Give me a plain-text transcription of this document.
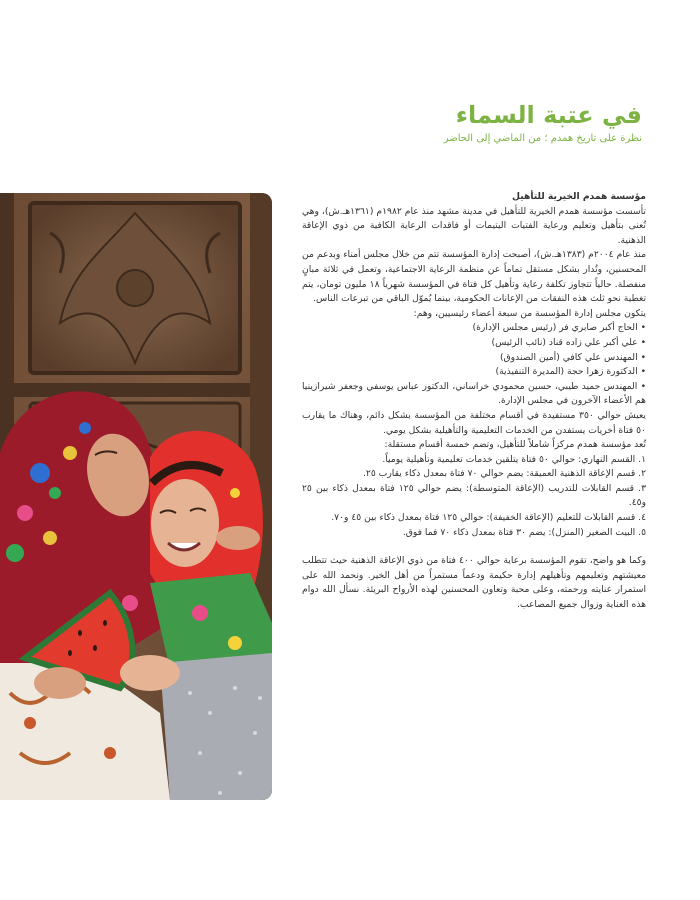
في عتبة السماء
نظرة على تاريخ همدم ؛ من الماضي إلى الحاضر

مؤسسة همدم الخيرية للتأهيل

تأسست مؤسسة همدم الخيرية للتأهيل في مدينة مشهد منذ عام ١٩٨٢م (١٣٦١هـ.ش)، وهي تُعنى بتأهيل وتعليم ورعاية الفتيات اليتيمات أو فاقدات الرعاية الكافية من ذوي الإعاقة الذهنية.

منذ عام ٢٠٠٤م (١٣٨٣هـ.ش)، أصبحت إدارة المؤسسة تتم من خلال مجلس أمناء وبدعم من المحسنين، وتُدار بشكل مستقل تماماً عن منظمة الرعاية الاجتماعية، وتعمل في ثلاثة مبانٍ منفصلة. حالياً تتجاوز تكلفة رعاية وتأهيل كل فتاة في المؤسسة شهرياً ١٨ مليون تومان، يتم تغطية نحو ثلث هذه النفقات من الإعانات الحكومية، بينما يُموّل الباقي من تبرعات الناس.

يتكون مجلس إدارة المؤسسة من سبعة أعضاء رئيسيين، وهم:

• الحاج أكبر صابري فر (رئيس مجلس الإدارة)
• علي أكبر علي زاده قناد (نائب الرئيس)
• المهندس علي كافي (أمين الصندوق)
• الدكتورة زهرا حجة (المديرة التنفيذية)
• المهندس حميد طيبي، حسين محمودي خراساني، الدكتور عباس يوسفي وجعفر شيرازينيا هم الأعضاء الآخرون في مجلس الإدارة.

يعيش حوالي ٣٥٠ مستفيدة في أقسام مختلفة من المؤسسة بشكل دائم، وهناك ما يقارب ٥٠ فتاة أخريات يستفدن من الخدمات التعليمية والتأهيلية بشكل يومي.

تُعد مؤسسة همدم مركزاً شاملاً للتأهيل، وتضم خمسة أقسام مستقلة:

١. القسم النهاري: حوالي ٥٠ فتاة يتلقين خدمات تعليمية وتأهيلية يومياً.
٢. قسم الإعاقة الذهنية العميقة: يضم حوالي ٧٠ فتاة بمعدل ذكاء يقارب ٢٥.
٣. قسم القابلات للتدريب (الإعاقة المتوسطة): يضم حوالي ١٢٥ فتاة بمعدل ذكاء بين ٢٥ و٤٥.
٤. قسم القابلات للتعليم (الإعاقة الخفيفة): حوالي ١٢٥ فتاة بمعدل ذكاء بين ٤٥ و٧٠.
٥. البيت الصغير (المنزل): يضم ٣٠ فتاة بمعدل ذكاء ٧٠ فما فوق.

وكما هو واضح، تقوم المؤسسة برعاية حوالي ٤٠٠ فتاة من ذوي الإعاقة الذهنية حيث تتطلب معيشتهم وتعليمهم وتأهيلهم إدارة حكيمة ودعماً مستمراً من أهل الخير. ونحمد الله على استمرار عنايته ورحمته، وعلى محبة وتعاون المحسنين لهذه الأرواح البريئة. نسأل الله دوام هذه العناية وزوال جميع المصاعب.
